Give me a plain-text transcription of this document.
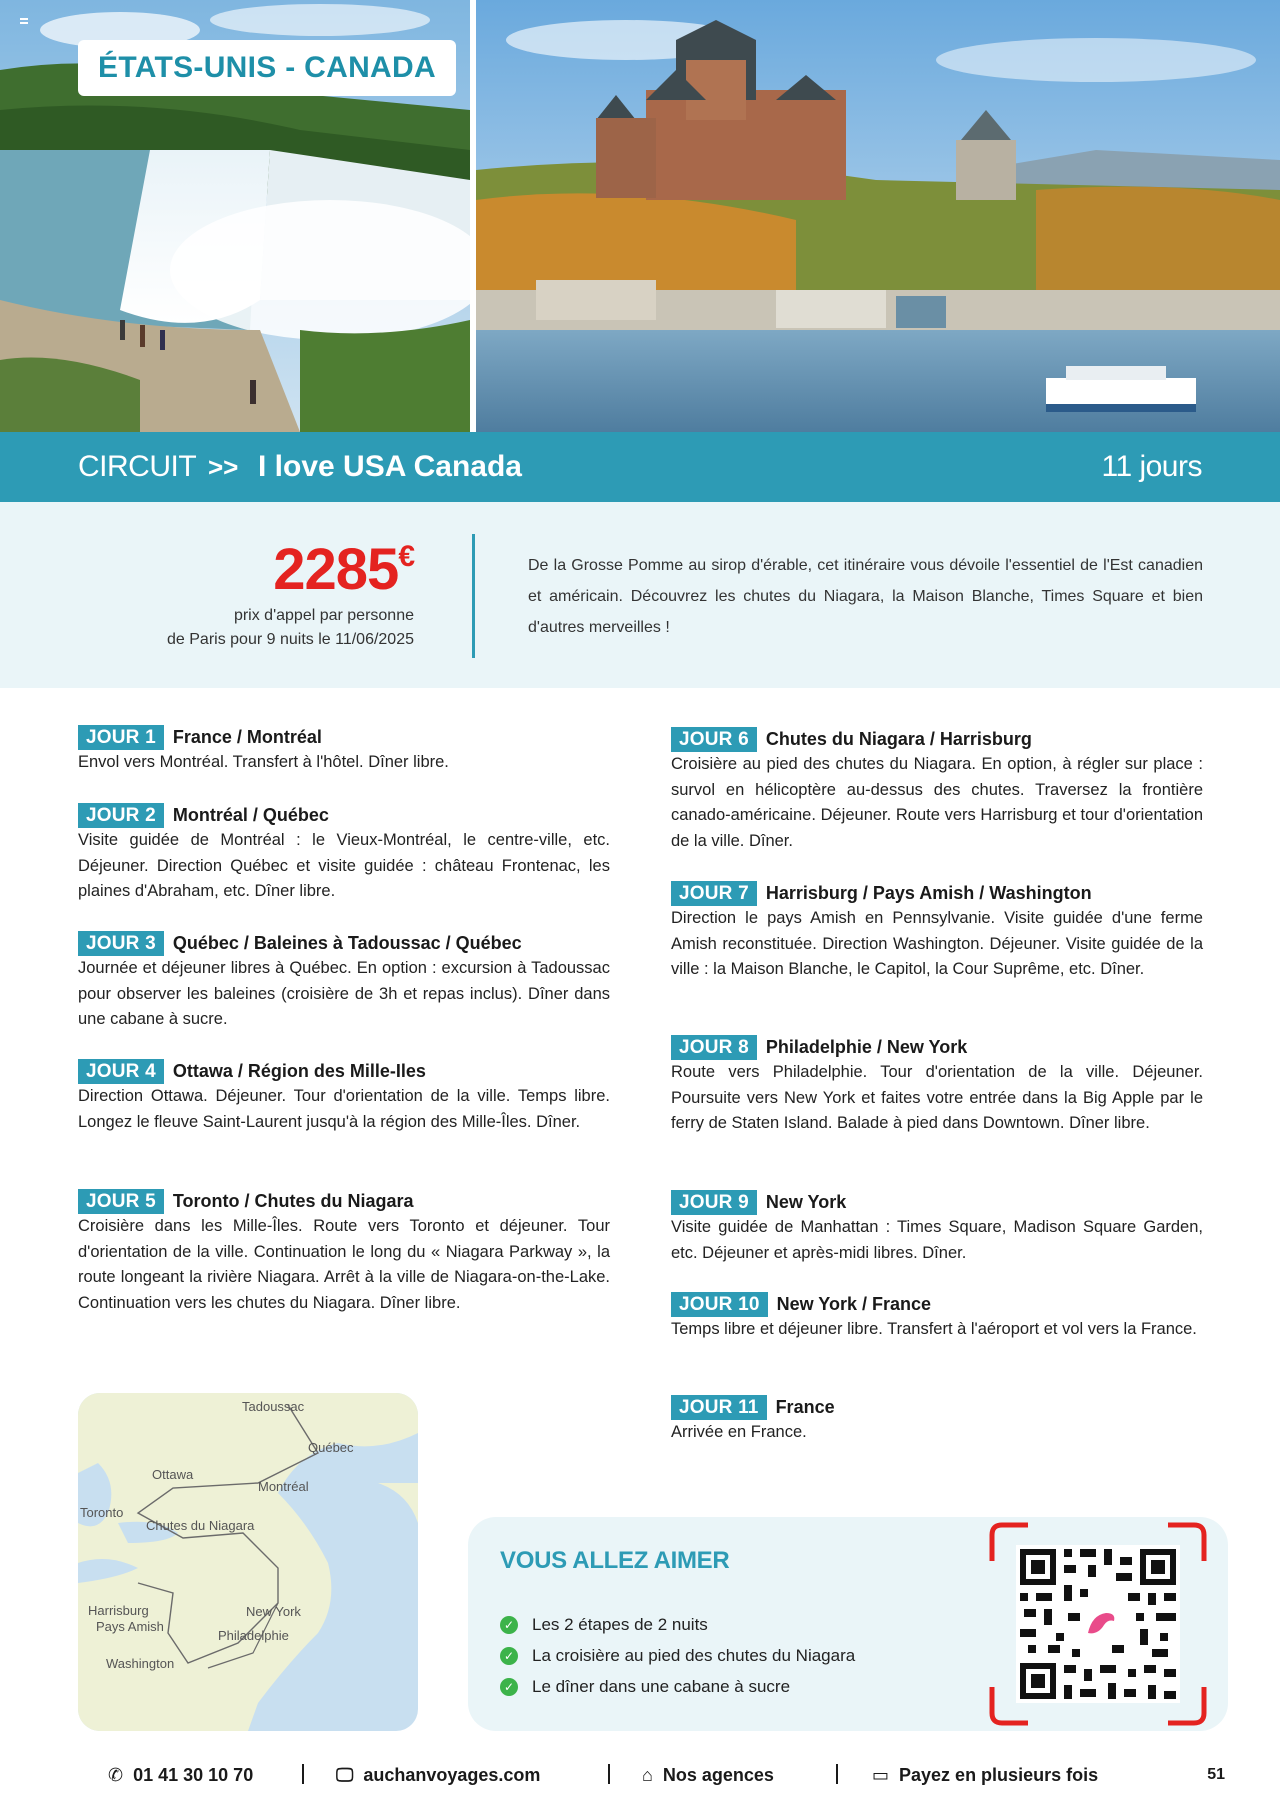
ÉTATS-UNIS - CANADA
CIRCUIT >> I love USA Canada	11 jours
2285€
prix d'appel par personne
de Paris pour 9 nuits le 11/06/2025

De la Grosse Pomme au sirop d'érable, cet itinéraire vous dévoile l'essentiel de l'Est canadien et américain. Découvrez les chutes du Niagara, la Maison Blanche, Times Square et bien d'autres merveilles !

JOUR 1 France / Montréal

Envol vers Montréal. Transfert à l'hôtel. Dîner libre.

JOUR 2 Montréal / Québec

Visite guidée de Montréal : le Vieux-Montréal, le centre-ville, etc. Déjeuner. Direction Québec et visite guidée : château Frontenac, les plaines d'Abraham, etc. Dîner libre.

JOUR 3 Québec / Baleines à Tadoussac / Québec

Journée et déjeuner libres à Québec. En option : excursion à Tadoussac pour observer les baleines (croisière de 3h et repas inclus). Dîner dans une cabane à sucre.

JOUR 4 Ottawa / Région des Mille-Iles

Direction Ottawa. Déjeuner. Tour d'orientation de la ville. Temps libre. Longez le fleuve Saint-Laurent jusqu'à la région des Mille-Îles. Dîner.

JOUR 5 Toronto / Chutes du Niagara

Croisière dans les Mille-Îles. Route vers Toronto et déjeuner. Tour d'orientation de la ville. Continuation le long du « Niagara Parkway », la route longeant la rivière Niagara. Arrêt à la ville de Niagara-on-the-Lake. Continuation vers les chutes du Niagara. Dîner libre.

JOUR 6 Chutes du Niagara / Harrisburg

Croisière au pied des chutes du Niagara. En option, à régler sur place : survol en hélicoptère au-dessus des chutes. Traversez la frontière canado-américaine. Déjeuner. Route vers Harrisburg et tour d'orientation de la ville. Dîner.

JOUR 7 Harrisburg / Pays Amish / Washington

Direction le pays Amish en Pennsylvanie. Visite guidée d'une ferme Amish reconstituée. Direction Washington. Déjeuner. Visite guidée de la ville : la Maison Blanche, le Capitol, la Cour Suprême, etc. Dîner.

JOUR 8 Philadelphie / New York

Route vers Philadelphie. Tour d'orientation de la ville. Déjeuner. Poursuite vers New York et faites votre entrée dans la Big Apple par le ferry de Staten Island. Balade à pied dans Downtown. Dîner libre.

JOUR 9 New York

Visite guidée de Manhattan : Times Square, Madison Square Garden, etc. Déjeuner et après-midi libres. Dîner.

JOUR 10 New York / France

Temps libre et déjeuner libre. Transfert à l'aéroport et vol vers la France.

JOUR 11 France

Arrivée en France.

Tadoussac
Québec
Ottawa
Montréal
Toronto
Chutes du Niagara
Harrisburg
Pays Amish
New York
Philadelphie
Washington
VOUS ALLEZ AIMER
✓ Les 2 étapes de 2 nuits
✓ La croisière au pied des chutes du Niagara
✓ Le dîner dans une cabane à sucre
✆ 01 41 30 10 70	🖵 auchanvoyages.com	⌂ Nos agences	▭ Payez en plusieurs fois	51
